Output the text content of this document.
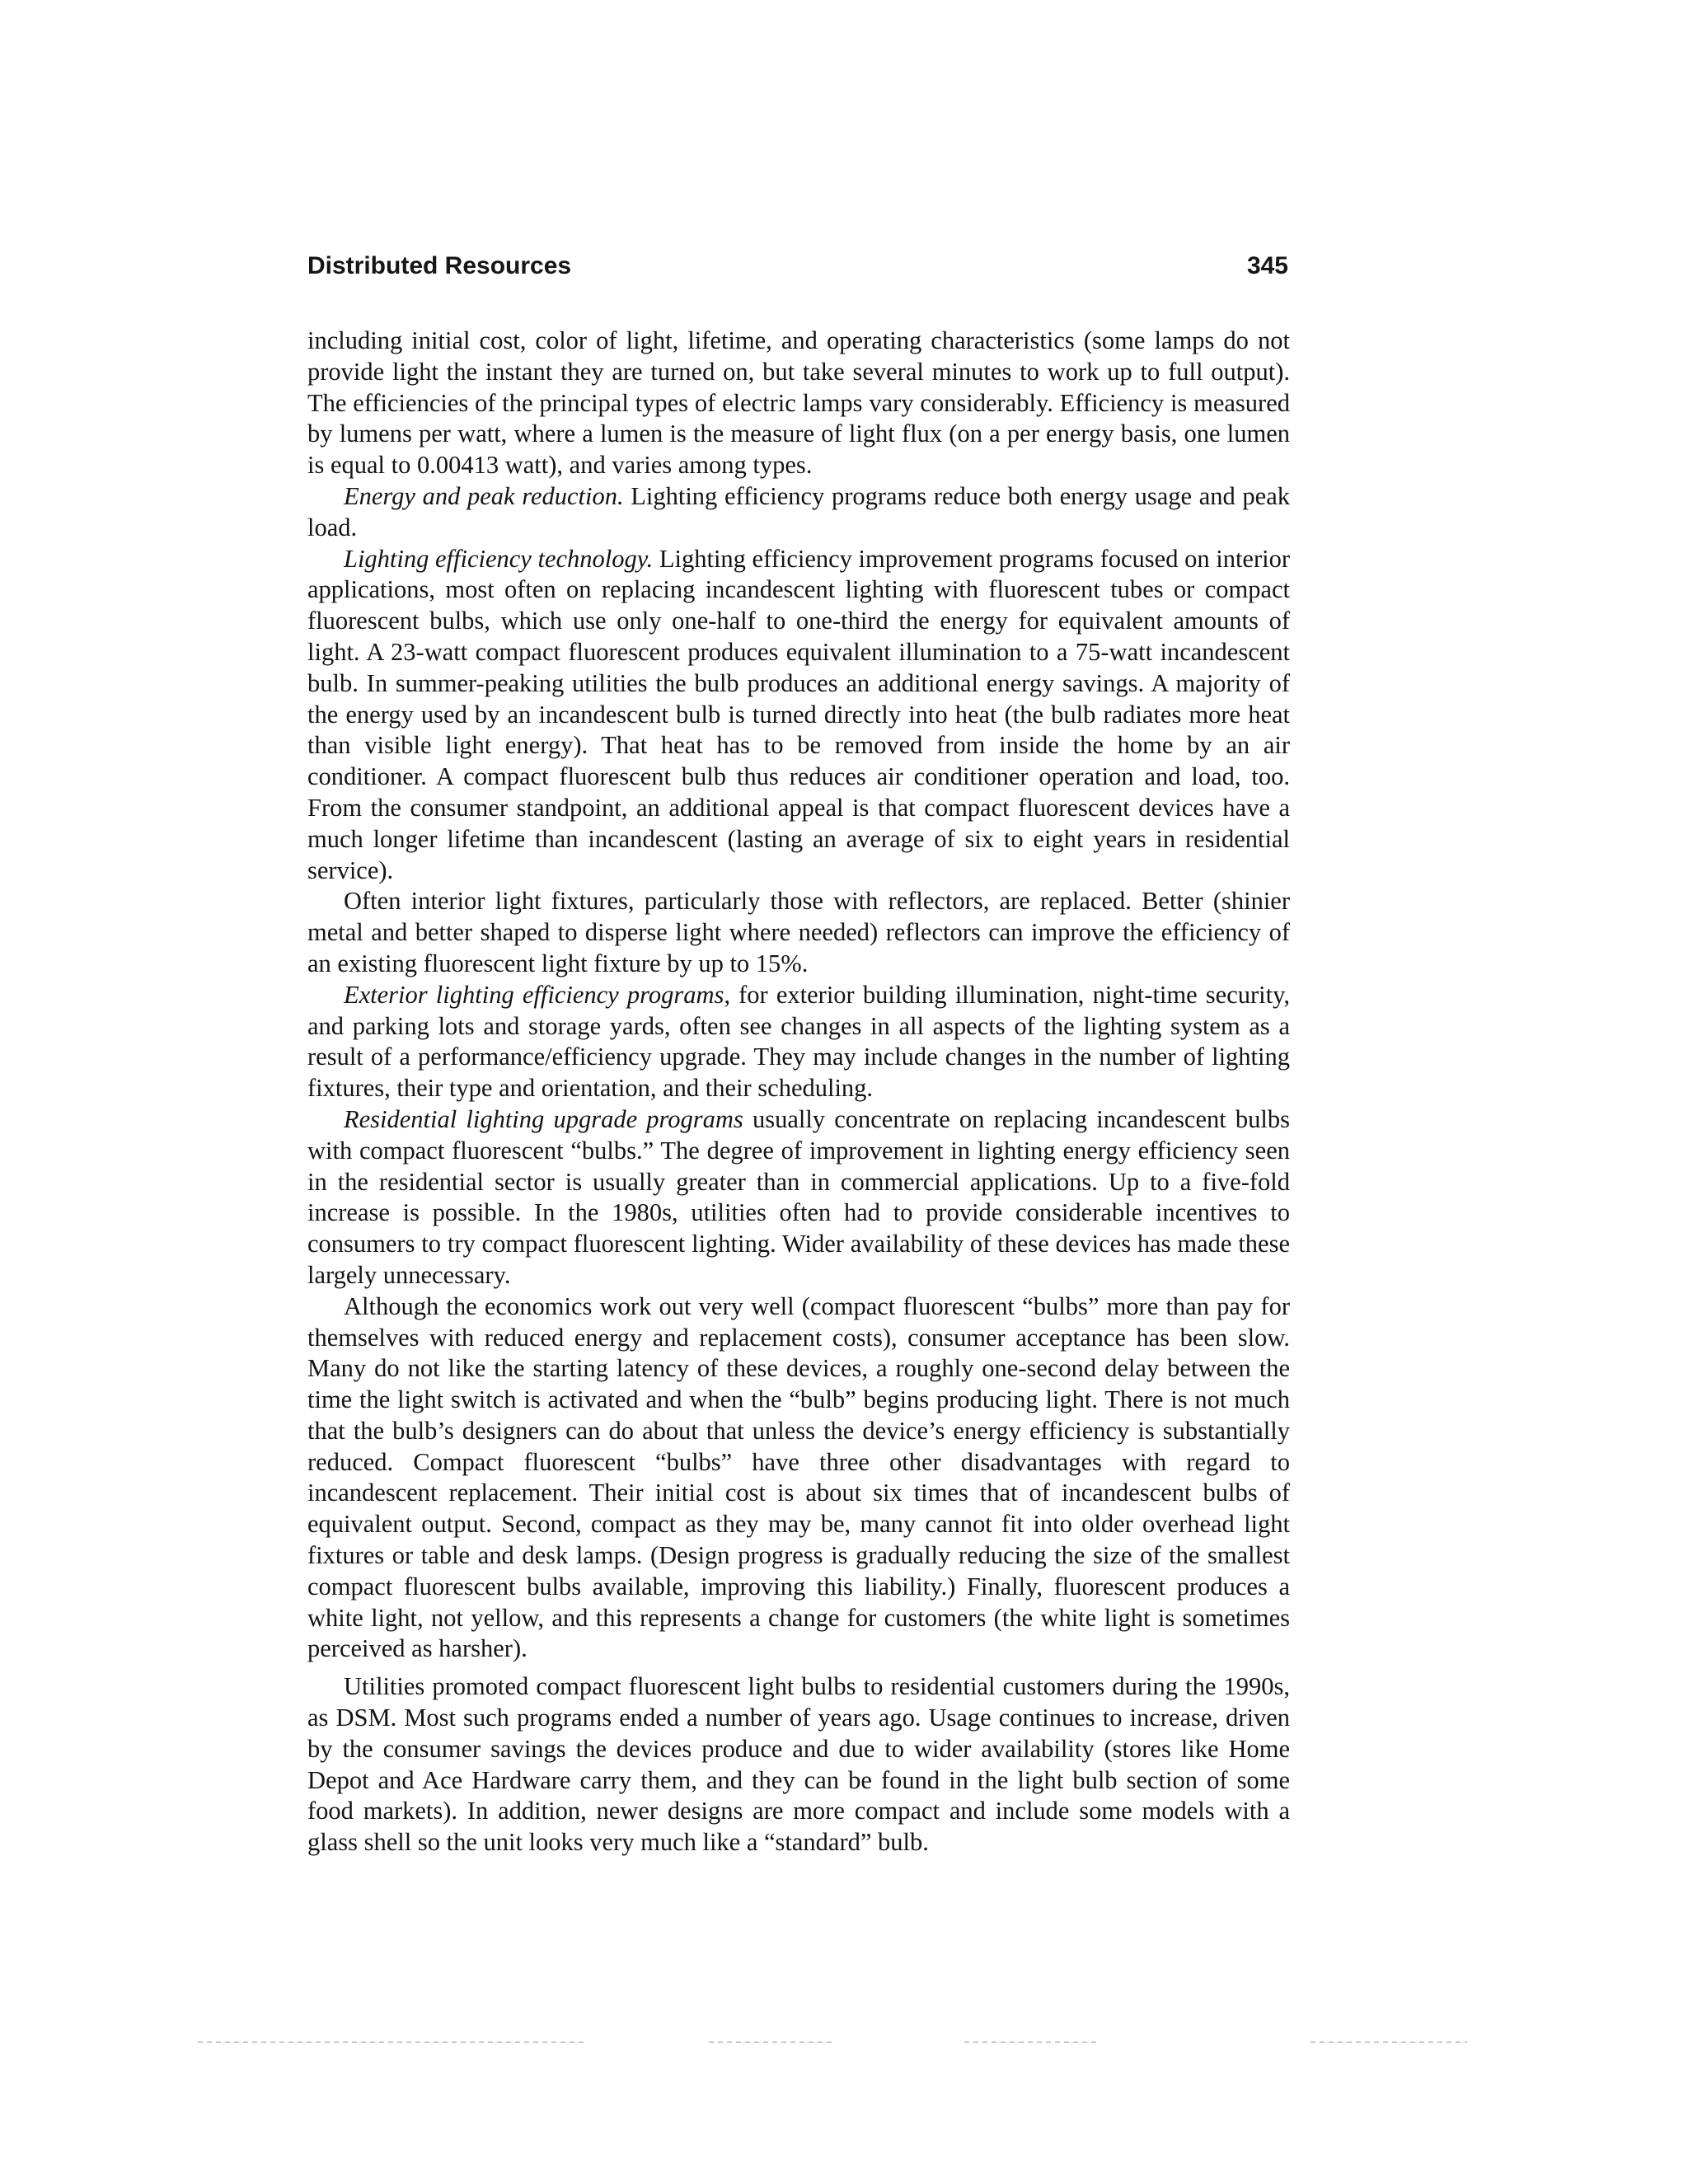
Distributed Resources	345

including initial cost, color of light, lifetime, and operating characteristics (some lamps do not provide light the instant they are turned on, but take several minutes to work up to full output). The efficiencies of the principal types of electric lamps vary considerably. Efficiency is measured by lumens per watt, where a lumen is the measure of light flux (on a per energy basis, one lumen is equal to 0.00413 watt), and varies among types.

Energy and peak reduction. Lighting efficiency programs reduce both energy usage and peak load.

Lighting efficiency technology. Lighting efficiency improvement programs focused on interior applications, most often on replacing incandescent lighting with fluorescent tubes or compact fluorescent bulbs, which use only one-half to one-third the energy for equivalent amounts of light. A 23-watt compact fluorescent produces equivalent illumination to a 75-watt incandescent bulb. In summer-peaking utilities the bulb produces an additional energy savings. A majority of the energy used by an incandescent bulb is turned directly into heat (the bulb radiates more heat than visible light energy). That heat has to be removed from inside the home by an air conditioner. A compact fluorescent bulb thus reduces air conditioner operation and load, too. From the consumer standpoint, an additional appeal is that compact fluorescent devices have a much longer lifetime than incandescent (lasting an average of six to eight years in residential service).

Often interior light fixtures, particularly those with reflectors, are replaced. Better (shinier metal and better shaped to disperse light where needed) reflectors can improve the efficiency of an existing fluorescent light fixture by up to 15%.

Exterior lighting efficiency programs, for exterior building illumination, night-time security, and parking lots and storage yards, often see changes in all aspects of the lighting system as a result of a performance/efficiency upgrade. They may include changes in the number of lighting fixtures, their type and orientation, and their scheduling.

Residential lighting upgrade programs usually concentrate on replacing incandescent bulbs with compact fluorescent “bulbs.” The degree of improvement in lighting energy efficiency seen in the residential sector is usually greater than in commercial applications. Up to a five-fold increase is possible. In the 1980s, utilities often had to provide considerable incentives to consumers to try compact fluorescent lighting. Wider availability of these devices has made these largely unnecessary.

Although the economics work out very well (compact fluorescent “bulbs” more than pay for themselves with reduced energy and replacement costs), consumer acceptance has been slow. Many do not like the starting latency of these devices, a roughly one-second delay between the time the light switch is activated and when the “bulb” begins producing light. There is not much that the bulb’s designers can do about that unless the device’s energy efficiency is substantially reduced. Compact fluorescent “bulbs” have three other disadvantages with regard to incandescent replacement. Their initial cost is about six times that of incandescent bulbs of equivalent output. Second, compact as they may be, many cannot fit into older overhead light fixtures or table and desk lamps. (Design progress is gradually reducing the size of the smallest compact fluorescent bulbs available, improving this liability.) Finally, fluorescent produces a white light, not yellow, and this represents a change for customers (the white light is sometimes perceived as harsher).

Utilities promoted compact fluorescent light bulbs to residential customers during the 1990s, as DSM. Most such programs ended a number of years ago. Usage continues to increase, driven by the consumer savings the devices produce and due to wider availability (stores like Home Depot and Ace Hardware carry them, and they can be found in the light bulb section of some food markets). In addition, newer designs are more compact and include some models with a glass shell so the unit looks very much like a “standard” bulb.
